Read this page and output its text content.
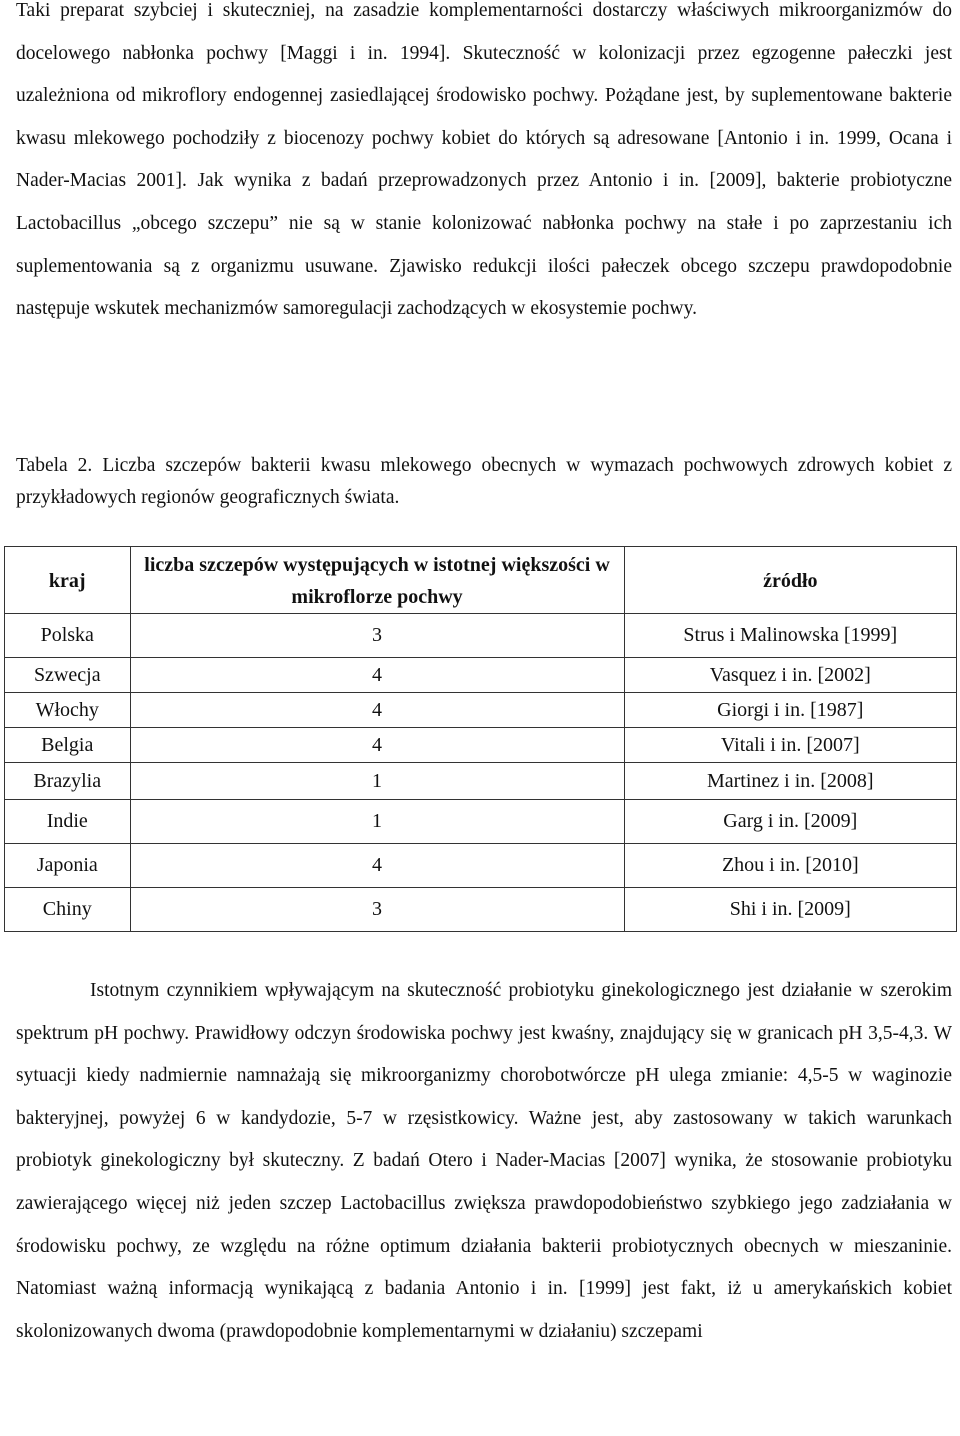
Taki preparat szybciej i skuteczniej, na zasadzie komplementarności dostarczy właściwych mikroorganizmów do docelowego nabłonka pochwy [Maggi i in. 1994]. Skuteczność w kolonizacji przez egzogenne pałeczki jest uzależniona od mikroflory endogennej zasiedlającej środowisko pochwy. Pożądane jest, by suplementowane bakterie kwasu mlekowego pochodziły z biocenozy pochwy kobiet do których są adresowane [Antonio i in. 1999, Ocana i Nader-Macias 2001]. Jak wynika z badań przeprowadzonych przez Antonio i in. [2009], bakterie probiotyczne Lactobacillus „obcego szczepu” nie są w stanie kolonizować nabłonka pochwy na stałe i po zaprzestaniu ich suplementowania są z organizmu usuwane. Zjawisko redukcji ilości pałeczek obcego szczepu prawdopodobnie następuje wskutek mechanizmów samoregulacji zachodzących w ekosystemie pochwy.

Tabela 2. Liczba szczepów bakterii kwasu mlekowego obecnych w wymazach pochwowych zdrowych kobiet z przykładowych regionów geograficznych świata.

kraj	liczba szczepów występujących w istotnej większości w mikroflorze pochwy	źródło
Polska	3	Strus i Malinowska [1999]
Szwecja	4	Vasquez i in. [2002]
Włochy	4	Giorgi i in. [1987]
Belgia	4	Vitali i in. [2007]
Brazylia	1	Martinez i in. [2008]
Indie	1	Garg i in. [2009]
Japonia	4	Zhou i in. [2010]
Chiny	3	Shi i in. [2009]

Istotnym czynnikiem wpływającym na skuteczność probiotyku ginekologicznego jest działanie w szerokim spektrum pH pochwy. Prawidłowy odczyn środowiska pochwy jest kwaśny, znajdujący się w granicach pH 3,5-4,3. W sytuacji kiedy nadmiernie namnażają się mikroorganizmy chorobotwórcze pH ulega zmianie: 4,5-5 w waginozie bakteryjnej, powyżej 6 w kandydozie, 5-7 w rzęsistkowicy. Ważne jest, aby zastosowany w takich warunkach probiotyk ginekologiczny był skuteczny. Z badań Otero i Nader-Macias [2007] wynika, że stosowanie probiotyku zawierającego więcej niż jeden szczep Lactobacillus zwiększa prawdopodobieństwo szybkiego jego zadziałania w środowisku pochwy, ze względu na różne optimum działania bakterii probiotycznych obecnych w mieszaninie. Natomiast ważną informacją wynikającą z badania Antonio i in. [1999] jest fakt, iż u amerykańskich kobiet skolonizowanych dwoma (prawdopodobnie komplementarnymi w działaniu) szczepami
